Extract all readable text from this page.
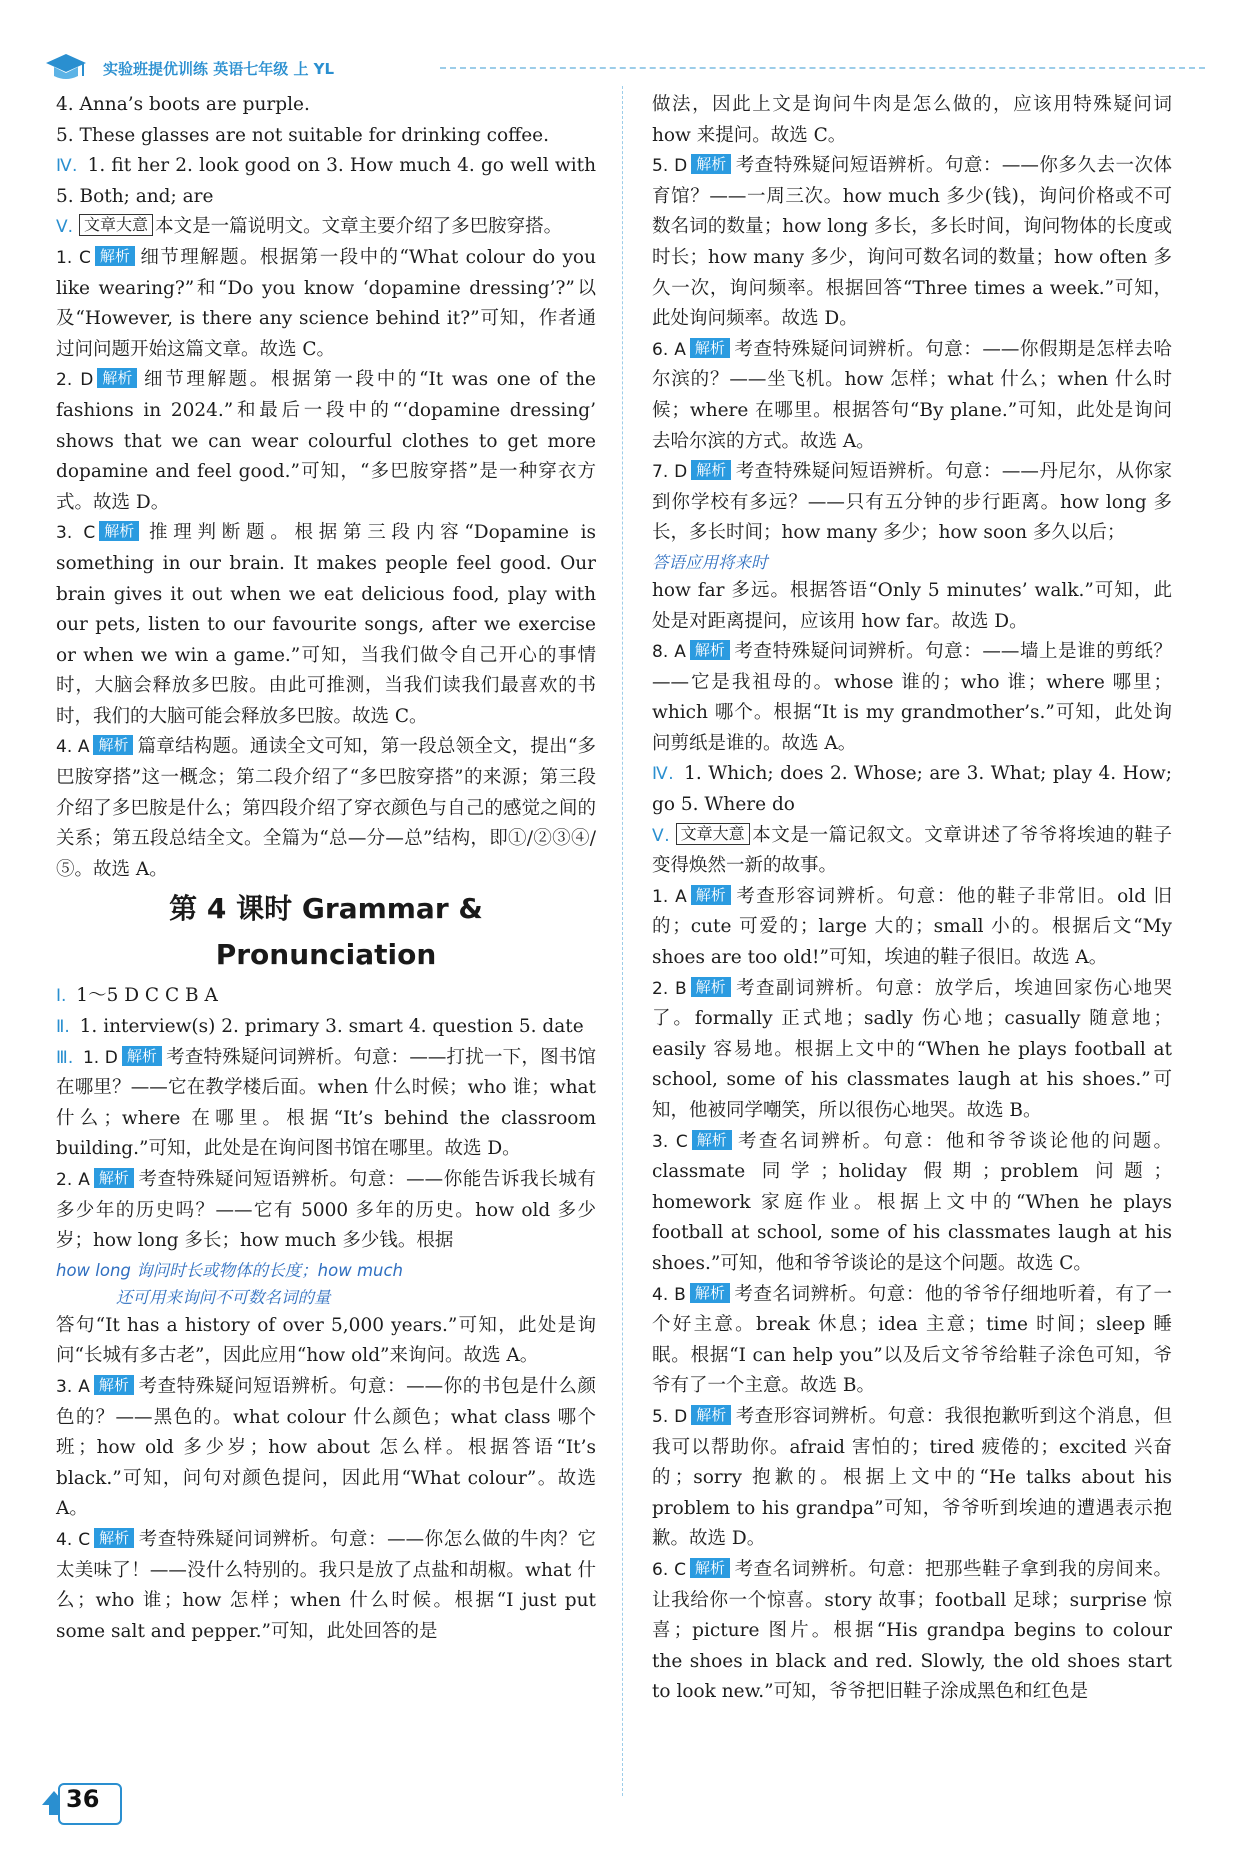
实验班提优训练 英语七年级 上 YL

4. Anna’s boots are purple.

5. These glasses are not suitable for drinking coffee.

Ⅳ. 1. fit her 2. look good on 3. How much 4. go well with 5. Both; and; are

Ⅴ. 文章大意 本文是一篇说明文。文章主要介绍了多巴胺穿搭。

1. C 解析 细节理解题。根据第一段中的“What colour do you like wearing?”和“Do you know ‘dopamine dressing’?”以及“However, is there any science behind it?”可知，作者通过问问题开始这篇文章。故选 C。

2. D 解析 细节理解题。根据第一段中的“It was one of the fashions in 2024.”和最后一段中的“‘dopamine dressing’ shows that we can wear colourful clothes to get more dopamine and feel good.”可知，“多巴胺穿搭”是一种穿衣方式。故选 D。

3. C 解析 推理判断题。根据第三段内容“Dopamine is something in our brain. It makes people feel good. Our brain gives it out when we eat delicious food, play with our pets, listen to our favourite songs, after we exercise or when we win a game.”可知，当我们做令自己开心的事情时，大脑会释放多巴胺。由此可推测，当我们读我们最喜欢的书时，我们的大脑可能会释放多巴胺。故选 C。

4. A 解析 篇章结构题。通读全文可知，第一段总领全文，提出“多巴胺穿搭”这一概念；第二段介绍了“多巴胺穿搭”的来源；第三段介绍了多巴胺是什么；第四段介绍了穿衣颜色与自己的感觉之间的关系；第五段总结全文。全篇为“总—分—总”结构，即①/②③④/⑤。故选 A。

第 4 课时 Grammar &
Pronunciation

Ⅰ. 1～5 D C C B A

Ⅱ. 1. interview(s) 2. primary 3. smart 4. question 5. date

Ⅲ. 1. D 解析 考查特殊疑问词辨析。句意：——打扰一下，图书馆在哪里？——它在教学楼后面。when 什么时候；who 谁；what 什么；where 在哪里。根据“It’s behind the classroom building.”可知，此处是在询问图书馆在哪里。故选 D。

2. A 解析 考查特殊疑问短语辨析。句意：——你能告诉我长城有多少年的历史吗？——它有 5000 多年的历史。how old 多少岁；how long 多长；how much 多少钱。根据

how long 询问时长或物体的长度；how much

还可用来询问不可数名词的量

答句“It has a history of over 5,000 years.”可知，此处是询问“长城有多古老”，因此应用“how old”来询问。故选 A。

3. A 解析 考查特殊疑问短语辨析。句意：——你的书包是什么颜色的？——黑色的。what colour 什么颜色；what class 哪个班；how old 多少岁；how about 怎么样。根据答语“It’s black.”可知，问句对颜色提问，因此用“What colour”。故选 A。

4. C 解析 考查特殊疑问词辨析。句意：——你怎么做的牛肉？它太美味了！——没什么特别的。我只是放了点盐和胡椒。what 什么；who 谁；how 怎样；when 什么时候。根据“I just put some salt and pepper.”可知，此处回答的是

做法，因此上文是询问牛肉是怎么做的，应该用特殊疑问词 how 来提问。故选 C。

5. D 解析 考查特殊疑问短语辨析。句意：——你多久去一次体育馆？——一周三次。how much 多少(钱)，询问价格或不可数名词的数量；how long 多长，多长时间，询问物体的长度或时长；how many 多少，询问可数名词的数量；how often 多久一次，询问频率。根据回答“Three times a week.”可知，此处询问频率。故选 D。

6. A 解析 考查特殊疑问词辨析。句意：——你假期是怎样去哈尔滨的？——坐飞机。how 怎样；what 什么；when 什么时候；where 在哪里。根据答句“By plane.”可知，此处是询问去哈尔滨的方式。故选 A。

7. D 解析 考查特殊疑问短语辨析。句意：——丹尼尔，从你家到你学校有多远？——只有五分钟的步行距离。how long 多长，多长时间；how many 多少；how soon 多久以后；

答语应用将来时

how far 多远。根据答语“Only 5 minutes’ walk.”可知，此处是对距离提问，应该用 how far。故选 D。

8. A 解析 考查特殊疑问词辨析。句意：——墙上是谁的剪纸？——它是我祖母的。whose 谁的；who 谁；where 哪里；which 哪个。根据“It is my grandmother’s.”可知，此处询问剪纸是谁的。故选 A。

Ⅳ. 1. Which; does 2. Whose; are 3. What; play 4. How; go 5. Where do

Ⅴ. 文章大意 本文是一篇记叙文。文章讲述了爷爷将埃迪的鞋子变得焕然一新的故事。

1. A 解析 考查形容词辨析。句意：他的鞋子非常旧。old 旧的；cute 可爱的；large 大的；small 小的。根据后文“My shoes are too old!”可知，埃迪的鞋子很旧。故选 A。

2. B 解析 考查副词辨析。句意：放学后，埃迪回家伤心地哭了。formally 正式地；sadly 伤心地；casually 随意地；easily 容易地。根据上文中的“When he plays football at school, some of his classmates laugh at his shoes.”可知，他被同学嘲笑，所以很伤心地哭。故选 B。

3. C 解析 考查名词辨析。句意：他和爷爷谈论他的问题。classmate 同学；holiday 假期；problem 问题；homework 家庭作业。根据上文中的“When he plays football at school, some of his classmates laugh at his shoes.”可知，他和爷爷谈论的是这个问题。故选 C。

4. B 解析 考查名词辨析。句意：他的爷爷仔细地听着，有了一个好主意。break 休息；idea 主意；time 时间；sleep 睡眠。根据“I can help you”以及后文爷爷给鞋子涂色可知，爷爷有了一个主意。故选 B。

5. D 解析 考查形容词辨析。句意：我很抱歉听到这个消息，但我可以帮助你。afraid 害怕的；tired 疲倦的；excited 兴奋的；sorry 抱歉的。根据上文中的“He talks about his problem to his grandpa”可知，爷爷听到埃迪的遭遇表示抱歉。故选 D。

6. C 解析 考查名词辨析。句意：把那些鞋子拿到我的房间来。让我给你一个惊喜。story 故事；football 足球；surprise 惊喜；picture 图片。根据“His grandpa begins to colour the shoes in black and red. Slowly, the old shoes start to look new.”可知，爷爷把旧鞋子涂成黑色和红色是

36
